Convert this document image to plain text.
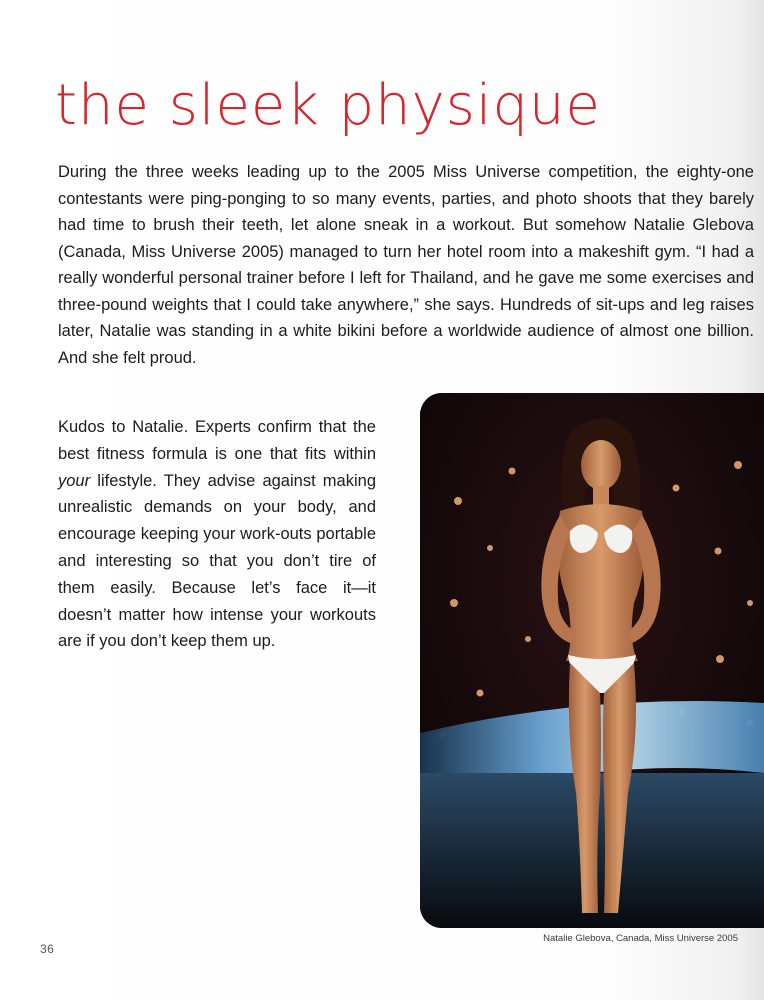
the sleek physique

During the three weeks leading up to the 2005 Miss Universe competition, the eighty-one contestants were ping-ponging to so many events, parties, and photo shoots that they barely had time to brush their teeth, let alone sneak in a workout. But somehow Natalie Glebova (Canada, Miss Universe 2005) managed to turn her hotel room into a makeshift gym. “I had a really wonderful personal trainer before I left for Thailand, and he gave me some exercises and three-pound weights that I could take anywhere,” she says. Hundreds of sit-ups and leg raises later, Natalie was standing in a white bikini before a worldwide audience of almost one billion. And she felt proud.

Kudos to Natalie. Experts confirm that the best fitness formula is one that fits within your lifestyle. They advise against making unrealistic demands on your body, and encourage keeping your work-outs portable and interesting so that you don’t tire of them easily. Because let’s face it—it doesn’t matter how intense your workouts are if you don’t keep them up.

Natalie Glebova, Canada, Miss Universe 2005

36
